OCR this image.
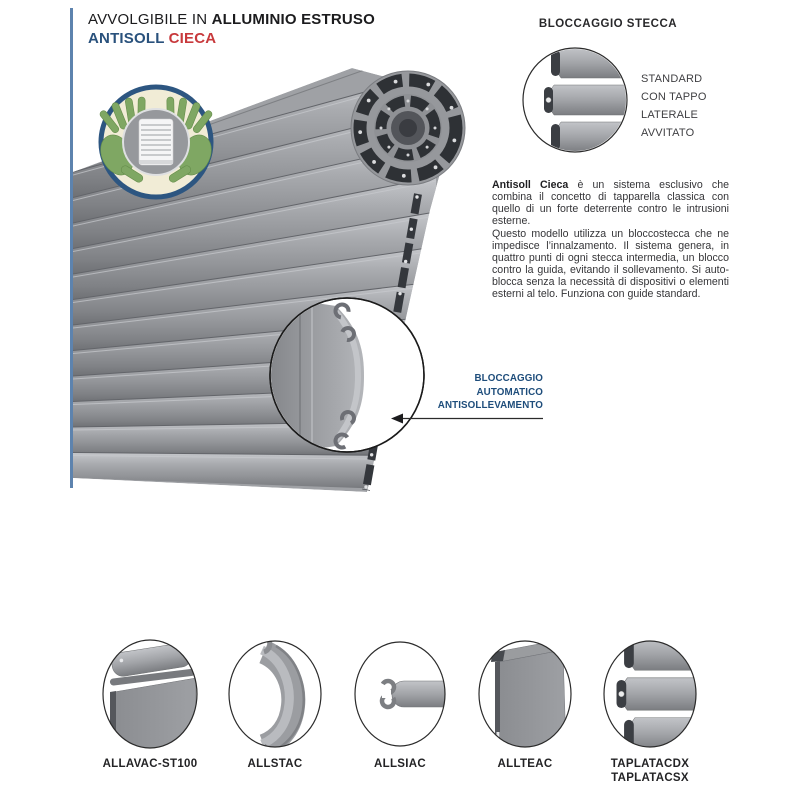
AVVOLGIBILE IN ALLUMINIO ESTRUSO
ANTISOLL CIECA
BLOCCAGGIO STECCA
STANDARD
CON TAPPO
LATERALE
AVVITATO

Antisoll Cieca è un sistema esclusivo che combina il concetto di tapparella classica con quello di un forte deterrente contro le intrusioni esterne.

Questo modello utilizza un bloccostecca che ne impedisce l’innalzamento. Il sistema genera, in quattro punti di ogni stecca intermedia, un blocco contro la guida, evitando il sollevamento. Si auto-blocca senza la necessità di dispositivi o elementi esterni al telo. Funziona con guide standard.

BLOCCAGGIO
AUTOMATICO
ANTISOLLEVAMENTO
ALLAVAC-ST100	ALLSTAC	ALLSIAC	ALLTEAC	TAPLATACDX
TAPLATACSX
